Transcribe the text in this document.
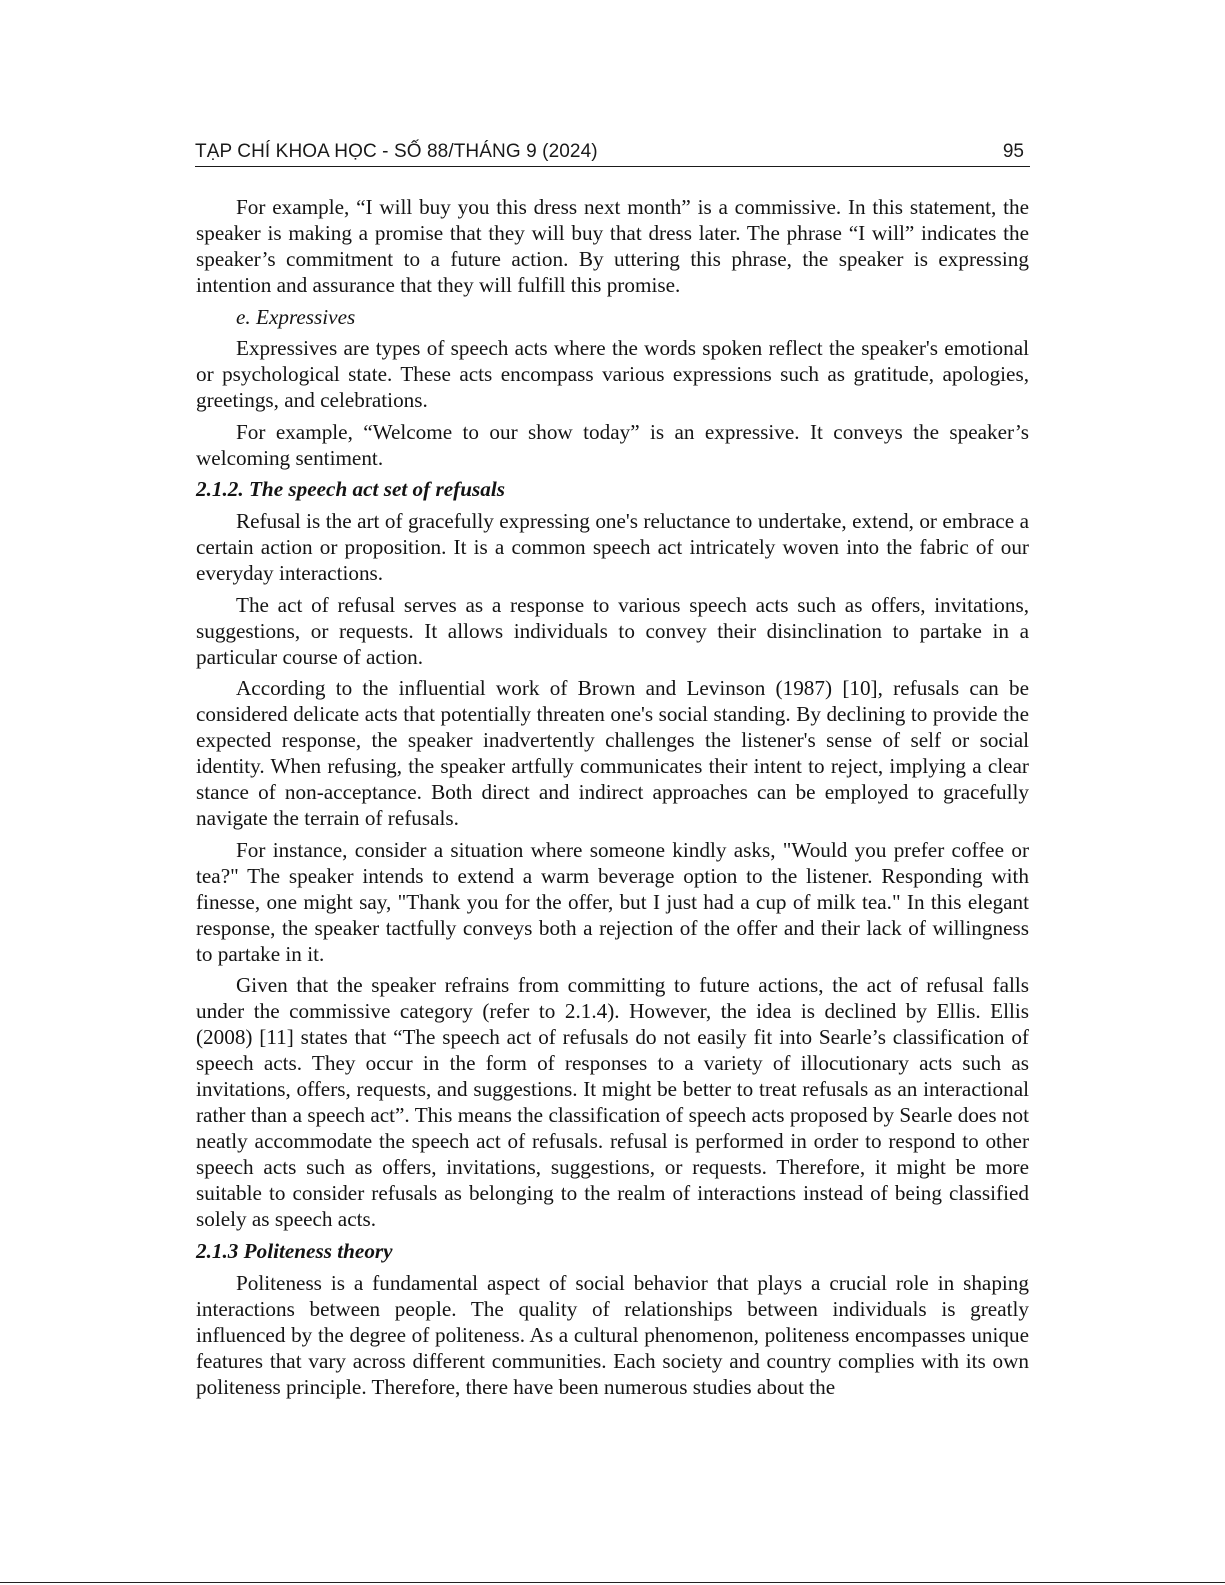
TẠP CHÍ KHOA HỌC - SỐ 88/THÁNG 9 (2024)	95

For example, “I will buy you this dress next month” is a commissive. In this statement, the speaker is making a promise that they will buy that dress later. The phrase “I will” indicates the speaker’s commitment to a future action. By uttering this phrase, the speaker is expressing intention and assurance that they will fulfill this promise.

e. Expressives

Expressives are types of speech acts where the words spoken reflect the speaker's emotional or psychological state. These acts encompass various expressions such as gratitude, apologies, greetings, and celebrations.

For example, “Welcome to our show today” is an expressive. It conveys the speaker’s welcoming sentiment.

2.1.2. The speech act set of refusals

Refusal is the art of gracefully expressing one's reluctance to undertake, extend, or embrace a certain action or proposition. It is a common speech act intricately woven into the fabric of our everyday interactions.

The act of refusal serves as a response to various speech acts such as offers, invitations, suggestions, or requests. It allows individuals to convey their disinclination to partake in a particular course of action.

According to the influential work of Brown and Levinson (1987) [10], refusals can be considered delicate acts that potentially threaten one's social standing. By declining to provide the expected response, the speaker inadvertently challenges the listener's sense of self or social identity. When refusing, the speaker artfully communicates their intent to reject, implying a clear stance of non-acceptance. Both direct and indirect approaches can be employed to gracefully navigate the terrain of refusals.

For instance, consider a situation where someone kindly asks, "Would you prefer coffee or tea?" The speaker intends to extend a warm beverage option to the listener. Responding with finesse, one might say, "Thank you for the offer, but I just had a cup of milk tea." In this elegant response, the speaker tactfully conveys both a rejection of the offer and their lack of willingness to partake in it.

Given that the speaker refrains from committing to future actions, the act of refusal falls under the commissive category (refer to 2.1.4). However, the idea is declined by Ellis. Ellis (2008) [11] states that “The speech act of refusals do not easily fit into Searle’s classification of speech acts. They occur in the form of responses to a variety of illocutionary acts such as invitations, offers, requests, and suggestions. It might be better to treat refusals as an interactional rather than a speech act”. This means the classification of speech acts proposed by Searle does not neatly accommodate the speech act of refusals. refusal is performed in order to respond to other speech acts such as offers, invitations, suggestions, or requests. Therefore, it might be more suitable to consider refusals as belonging to the realm of interactions instead of being classified solely as speech acts.

2.1.3 Politeness theory

Politeness is a fundamental aspect of social behavior that plays a crucial role in shaping interactions between people. The quality of relationships between individuals is greatly influenced by the degree of politeness. As a cultural phenomenon, politeness encompasses unique features that vary across different communities. Each society and country complies with its own politeness principle. Therefore, there have been numerous studies about the
